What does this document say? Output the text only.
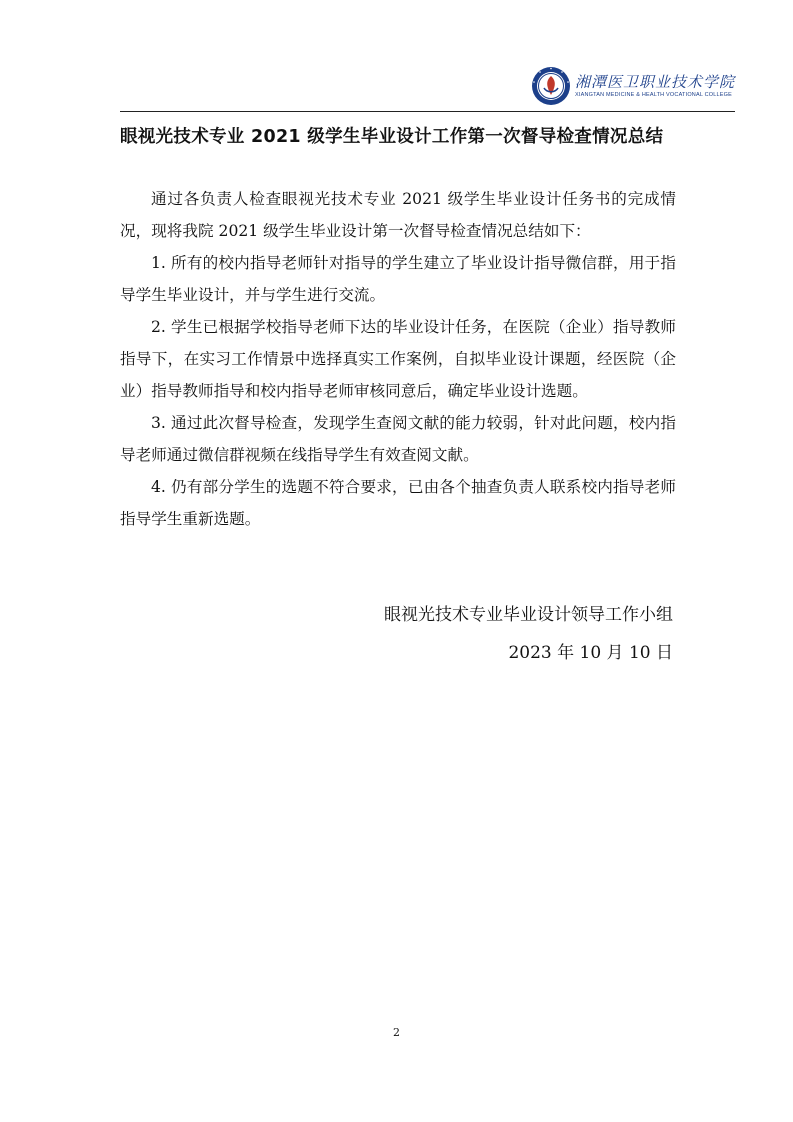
湘潭医卫职业技术学院
XIANGTAN MEDICINE & HEALTH VOCATIONAL COLLEGE
眼视光技术专业 2021 级学生毕业设计工作第一次督导检查情况总结

通过各负责人检查眼视光技术专业 2021 级学生毕业设计任务书的完成情况，现将我院 2021 级学生毕业设计第一次督导检查情况总结如下：

1. 所有的校内指导老师针对指导的学生建立了毕业设计指导微信群，用于指导学生毕业设计，并与学生进行交流。

2. 学生已根据学校指导老师下达的毕业设计任务，在医院（企业）指导教师指导下，在实习工作情景中选择真实工作案例，自拟毕业设计课题，经医院（企业）指导教师指导和校内指导老师审核同意后，确定毕业设计选题。

3. 通过此次督导检查，发现学生查阅文献的能力较弱，针对此问题，校内指导老师通过微信群视频在线指导学生有效查阅文献。

4. 仍有部分学生的选题不符合要求，已由各个抽查负责人联系校内指导老师指导学生重新选题。

眼视光技术专业毕业设计领导工作小组
2023 年 10 月 10 日
2
